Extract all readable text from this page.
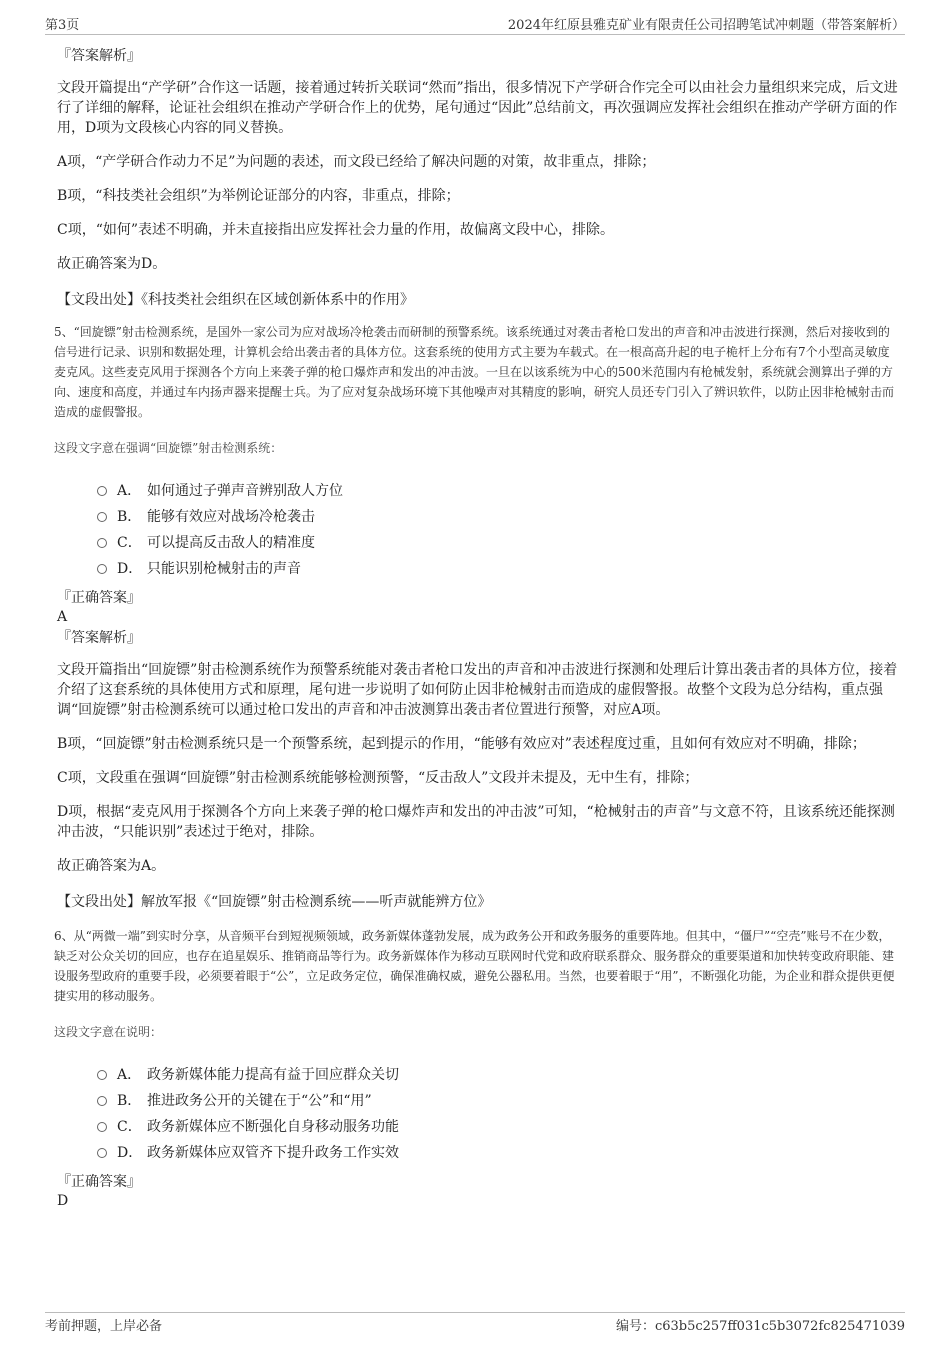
第3页	2024年红原县雅克矿业有限责任公司招聘笔试冲刺题（带答案解析）
『答案解析』

文段开篇提出“产学研”合作这一话题，接着通过转折关联词“然而”指出，很多情况下产学研合作完全可以由社会力量组织来完成，后文进行了详细的解释，论证社会组织在推动产学研合作上的优势，尾句通过“因此”总结前文，再次强调应发挥社会组织在推动产学研方面的作用，D项为文段核心内容的同义替换。

A项，“产学研合作动力不足”为问题的表述，而文段已经给了解决问题的对策，故非重点，排除；

B项，“科技类社会组织”为举例论证部分的内容，非重点，排除；

C项，“如何”表述不明确，并未直接指出应发挥社会力量的作用，故偏离文段中心，排除。

故正确答案为D。

【文段出处】《科技类社会组织在区域创新体系中的作用》
5、“回旋镖”射击检测系统，是国外一家公司为应对战场冷枪袭击而研制的预警系统。该系统通过对袭击者枪口发出的声音和冲击波进行探测，然后对接收到的信号进行记录、识别和数据处理，计算机会给出袭击者的具体方位。这套系统的使用方式主要为车载式。在一根高高升起的电子桅杆上分布有7个小型高灵敏度麦克风。这些麦克风用于探测各个方向上来袭子弹的枪口爆炸声和发出的冲击波。一旦在以该系统为中心的500米范围内有枪械发射，系统就会测算出子弹的方向、速度和高度，并通过车内扬声器来提醒士兵。为了应对复杂战场环境下其他噪声对其精度的影响，研究人员还专门引入了辨识软件，以防止因非枪械射击而造成的虚假警报。
这段文字意在强调“回旋镖”射击检测系统：
A． 如何通过子弹声音辨别敌人方位
B． 能够有效应对战场冷枪袭击
C． 可以提高反击敌人的精准度
D． 只能识别枪械射击的声音
『正确答案』
A
『答案解析』

文段开篇指出“回旋镖”射击检测系统作为预警系统能对袭击者枪口发出的声音和冲击波进行探测和处理后计算出袭击者的具体方位，接着介绍了这套系统的具体使用方式和原理，尾句进一步说明了如何防止因非枪械射击而造成的虚假警报。故整个文段为总分结构，重点强调“回旋镖”射击检测系统可以通过枪口发出的声音和冲击波测算出袭击者位置进行预警，对应A项。

B项，“回旋镖”射击检测系统只是一个预警系统，起到提示的作用，“能够有效应对”表述程度过重，且如何有效应对不明确，排除；

C项，文段重在强调“回旋镖”射击检测系统能够检测预警，“反击敌人”文段并未提及，无中生有，排除；

D项，根据“麦克风用于探测各个方向上来袭子弹的枪口爆炸声和发出的冲击波”可知，“枪械射击的声音”与文意不符，且该系统还能探测冲击波，“只能识别”表述过于绝对，排除。

故正确答案为A。

【文段出处】解放军报《“回旋镖”射击检测系统——听声就能辨方位》
6、从“两微一端”到实时分享，从音频平台到短视频领域，政务新媒体蓬勃发展，成为政务公开和政务服务的重要阵地。但其中，“僵尸”“空壳”账号不在少数，缺乏对公众关切的回应，也存在追星娱乐、推销商品等行为。政务新媒体作为移动互联网时代党和政府联系群众、服务群众的重要渠道和加快转变政府职能、建设服务型政府的重要手段，必须要着眼于“公”，立足政务定位，确保准确权威，避免公器私用。当然，也要着眼于“用”，不断强化功能，为企业和群众提供更便捷实用的移动服务。
这段文字意在说明：
A． 政务新媒体能力提高有益于回应群众关切
B． 推进政务公开的关键在于“公”和“用”
C． 政务新媒体应不断强化自身移动服务功能
D． 政务新媒体应双管齐下提升政务工作实效
『正确答案』
D
考前押题，上岸必备	编号：c63b5c257ff031c5b3072fc825471039
